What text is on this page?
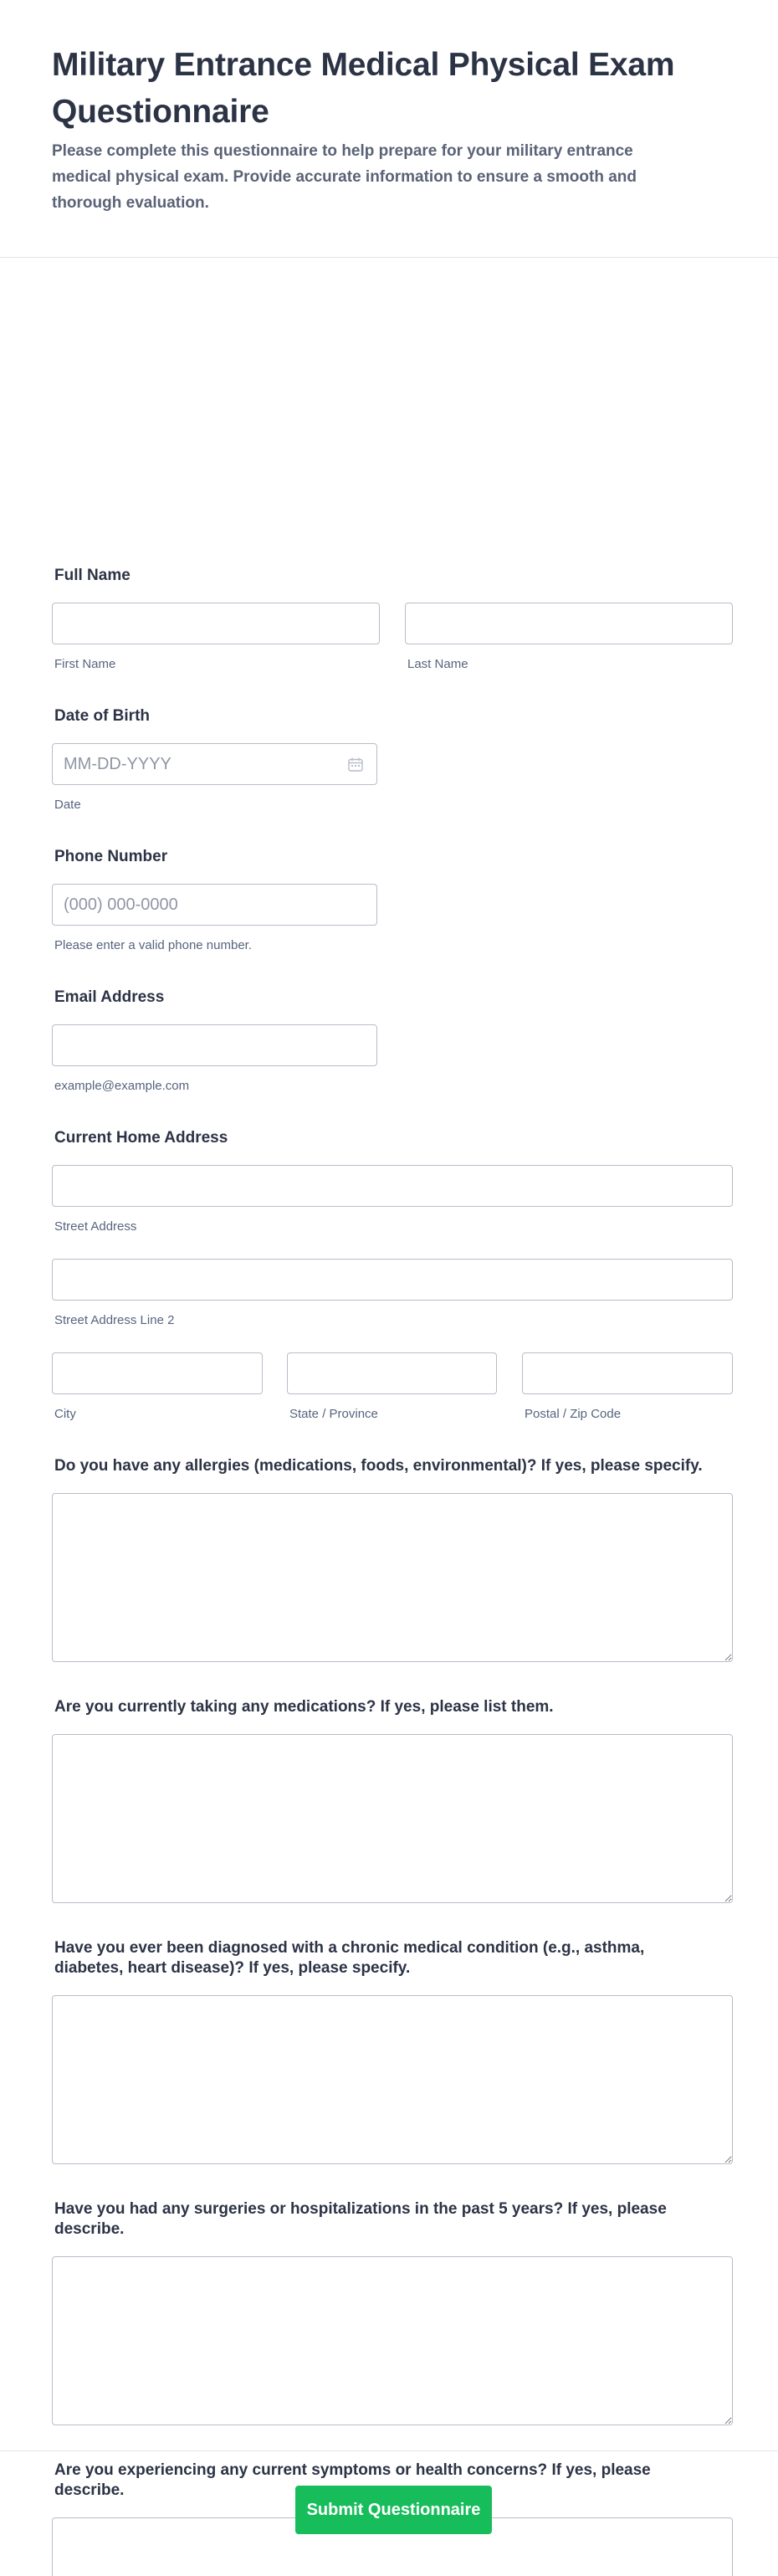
Military Entrance Medical Physical Exam Questionnaire

Please complete this questionnaire to help prepare for your military entrance medical physical exam. Provide accurate information to ensure a smooth and thorough evaluation.

Full Name
First Name	Last Name
Date of Birth
MM-DD-YYYY
Date
Phone Number
(000) 000-0000
Please enter a valid phone number.
Email Address
example@example.com
Current Home Address
Street Address
Street Address Line 2
City	State / Province	Postal / Zip Code
Do you have any allergies (medications, foods, environmental)? If yes, please specify.
Are you currently taking any medications? If yes, please list them.
Have you ever been diagnosed with a chronic medical condition (e.g., asthma,
diabetes, heart disease)? If yes, please specify.
Have you had any surgeries or hospitalizations in the past 5 years? If yes, please
describe.
Are you experiencing any current symptoms or health concerns? If yes, please
describe.
Submit Questionnaire
